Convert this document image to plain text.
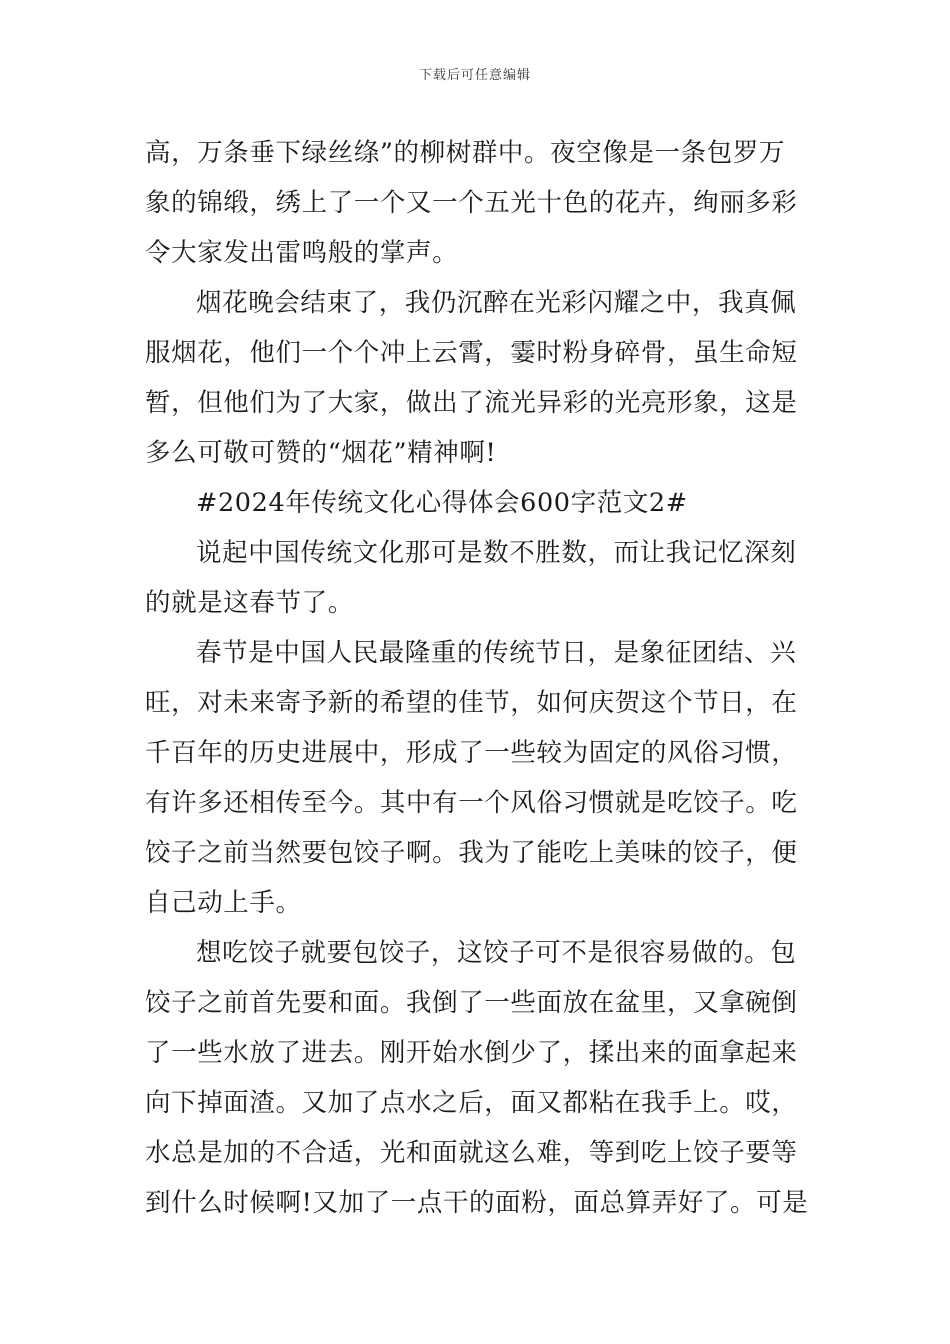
下载后可任意编辑
高，万条垂下绿丝绦”的柳树群中。夜空像是一条包罗万
象的锦缎，绣上了一个又一个五光十色的花卉，绚丽多彩
令大家发出雷鸣般的掌声。
烟花晚会结束了，我仍沉醉在光彩闪耀之中，我真佩
服烟花，他们一个个冲上云霄，霎时粉身碎骨，虽生命短
暂，但他们为了大家，做出了流光异彩的光亮形象，这是
多么可敬可赞的“烟花”精神啊!
#2024年传统文化心得体会600字范文2#
说起中国传统文化那可是数不胜数，而让我记忆深刻
的就是这春节了。
春节是中国人民最隆重的传统节日，是象征团结、兴
旺，对未来寄予新的希望的佳节，如何庆贺这个节日，在
千百年的历史进展中，形成了一些较为固定的风俗习惯，
有许多还相传至今。其中有一个风俗习惯就是吃饺子。吃
饺子之前当然要包饺子啊。我为了能吃上美味的饺子，便
自己动上手。
想吃饺子就要包饺子，这饺子可不是很容易做的。包
饺子之前首先要和面。我倒了一些面放在盆里，又拿碗倒
了一些水放了进去。刚开始水倒少了，揉出来的面拿起来
向下掉面渣。又加了点水之后，面又都粘在我手上。哎，
水总是加的不合适，光和面就这么难，等到吃上饺子要等
到什么时候啊!又加了一点干的面粉，面总算弄好了。可是
